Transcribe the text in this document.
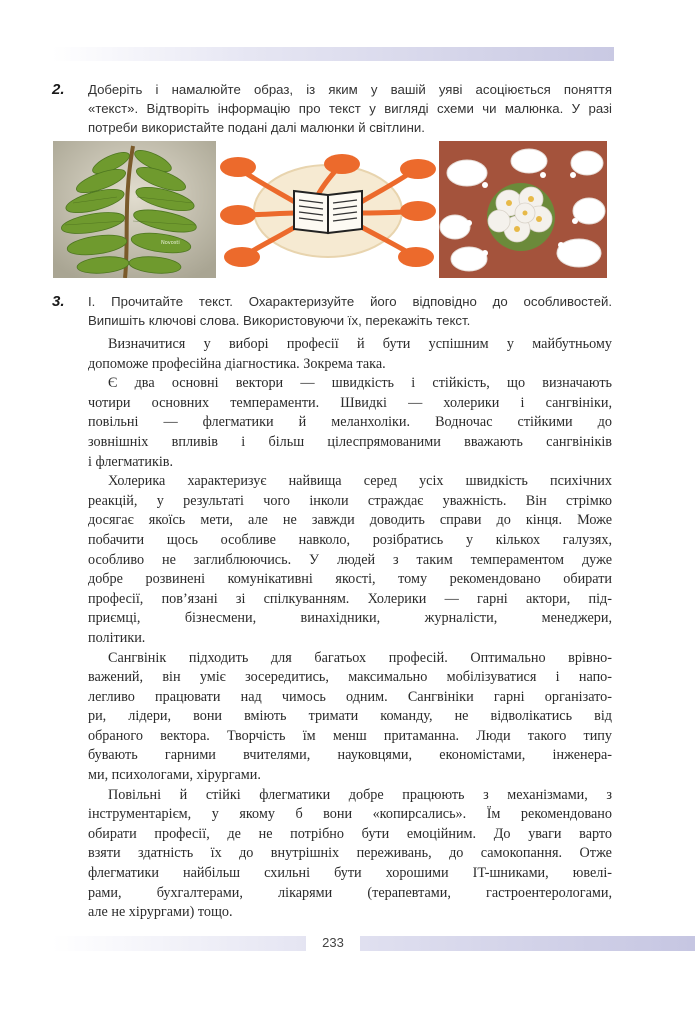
2. Доберіть і намалюйте образ, із яким у вашій уяві асоціюється поняття
«текст». Відтворіть інформацію про текст у вигляді схеми чи малюнка. У разі
потреби використайте подані далі малюнки й світлини.
Novosti
3. І. Прочитайте текст. Охарактеризуйте його відповідно до особливостей.
Випишіть ключові слова. Використовуючи їх, перекажіть текст.
Визначитися у виборі професії й бути успішним у майбутньому
допоможе професійна діагностика. Зокрема така.
Є два основні вектори — швидкість і стійкість, що визначають
чотири основних темпераменти. Швидкі — холерики і сангвініки,
повільні — флегматики й меланхоліки. Водночас стійкими до
зовнішніх впливів і більш цілеспрямованими вважають сангвініків
і флегматиків.
Холерика характеризує найвища серед усіх швидкість психічних
реакцій, у результаті чого інколи страждає уважність. Він стрімко
досягає якоїсь мети, але не завжди доводить справи до кінця. Може
побачити щось особливе навколо, розібратись у кількох галузях,
особливо не заглиблюючись. У людей з таким темпераментом дуже
добре розвинені комунікативні якості, тому рекомендовано обирати
професії, пов’язані зі спілкуванням. Холерики — гарні актори, під-
приємці, бізнесмени, винахідники, журналісти, менеджери,
політики.
Сангвінік підходить для багатьох професій. Оптимально врівно-
важений, він уміє зосередитись, максимально мобілізуватися і напо-
легливо працювати над чимось одним. Сангвініки гарні організато-
ри, лідери, вони вміють тримати команду, не відволікатись від
обраного вектора. Творчість їм менш притаманна. Люди такого типу
бувають гарними вчителями, науковцями, економістами, інженера-
ми, психологами, хірургами.
Повільні й стійкі флегматики добре працюють з механізмами, з
інструментарієм, у якому б вони «копирсались». Їм рекомендовано
обирати професії, де не потрібно бути емоційним. До уваги варто
взяти здатність їх до внутрішніх переживань, до самокопання. Отже
флегматики найбільш схильні бути хорошими IT-шниками, ювелі-
рами, бухгалтерами, лікарями (терапевтами, гастроентерологами,
але не хірургами) тощо.
233
